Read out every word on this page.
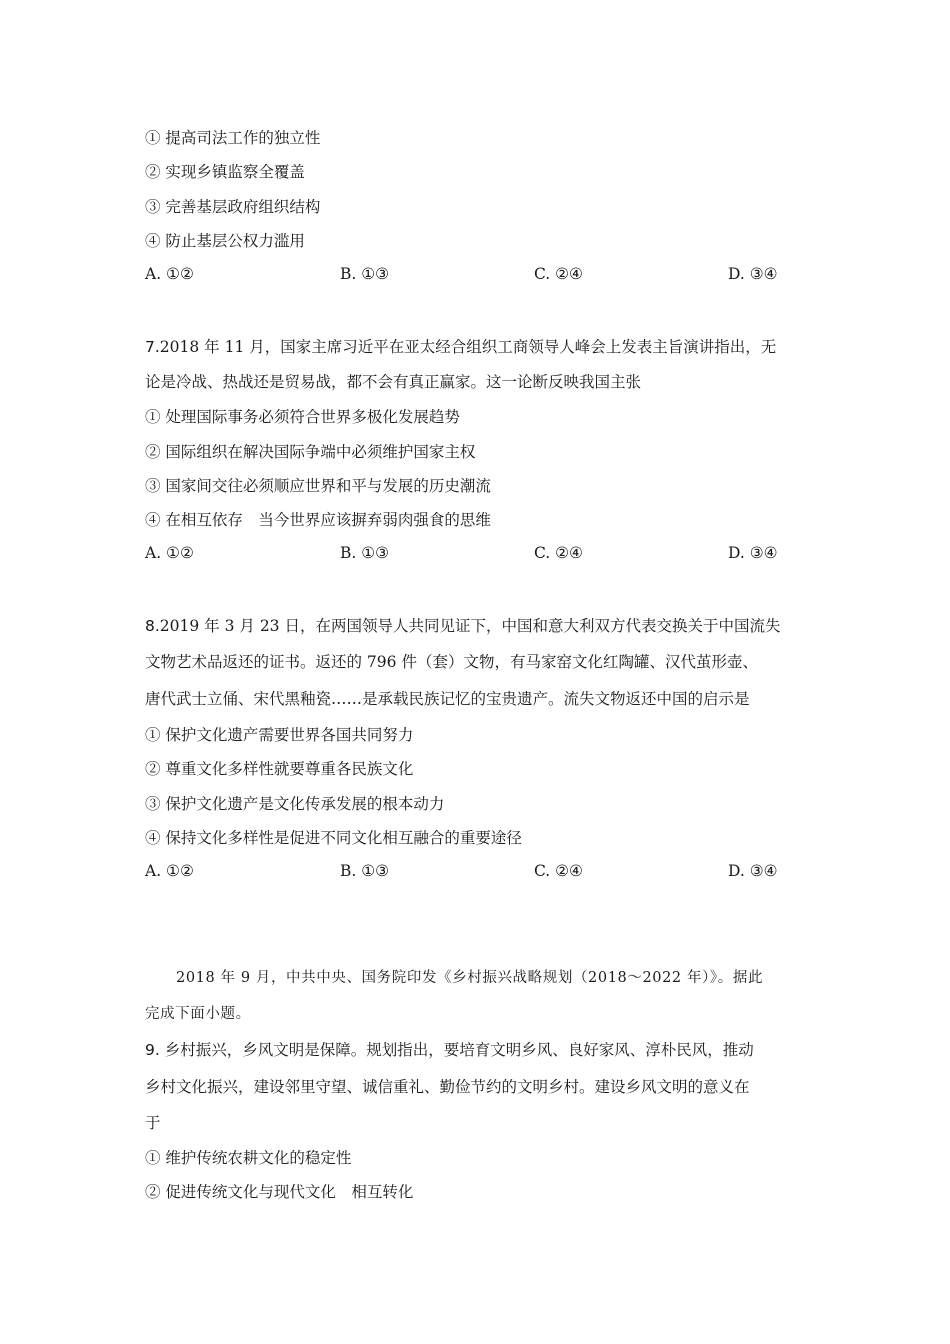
① 提高司法工作的独立性
② 实现乡镇监察全覆盖
③ 完善基层政府组织结构
④ 防止基层公权力滥用
A. ①②	B. ①③	C. ②④	D. ③④
7.2018 年 11 月，国家主席习近平在亚太经合组织工商领导人峰会上发表主旨演讲指出，无
论是冷战、热战还是贸易战，都不会有真正赢家。这一论断反映我国主张
① 处理国际事务必须符合世界多极化发展趋势
② 国际组织在解决国际争端中必须维护国家主权
③ 国家间交往必须顺应世界和平与发展的历史潮流
④ 在相互依存　当今世界应该摒弃弱肉强食的思维
A. ①②	B. ①③	C. ②④	D. ③④
8.2019 年 3 月 23 日，在两国领导人共同见证下，中国和意大利双方代表交换关于中国流失
文物艺术品返还的证书。返还的 796 件（套）文物，有马家窑文化红陶罐、汉代茧形壶、
唐代武士立俑、宋代黑釉瓷……是承载民族记忆的宝贵遗产。流失文物返还中国的启示是
① 保护文化遗产需要世界各国共同努力
② 尊重文化多样性就要尊重各民族文化
③ 保护文化遗产是文化传承发展的根本动力
④ 保持文化多样性是促进不同文化相互融合的重要途径
A. ①②	B. ①③	C. ②④	D. ③④
2018 年 9 月，中共中央、国务院印发《乡村振兴战略规划（2018～2022 年）》。据此
完成下面小题。
9. 乡村振兴，乡风文明是保障。规划指出，要培育文明乡风、良好家风、淳朴民风，推动
乡村文化振兴，建设邻里守望、诚信重礼、勤俭节约的文明乡村。建设乡风文明的意义在
于
① 维护传统农耕文化的稳定性
② 促进传统文化与现代文化　相互转化
